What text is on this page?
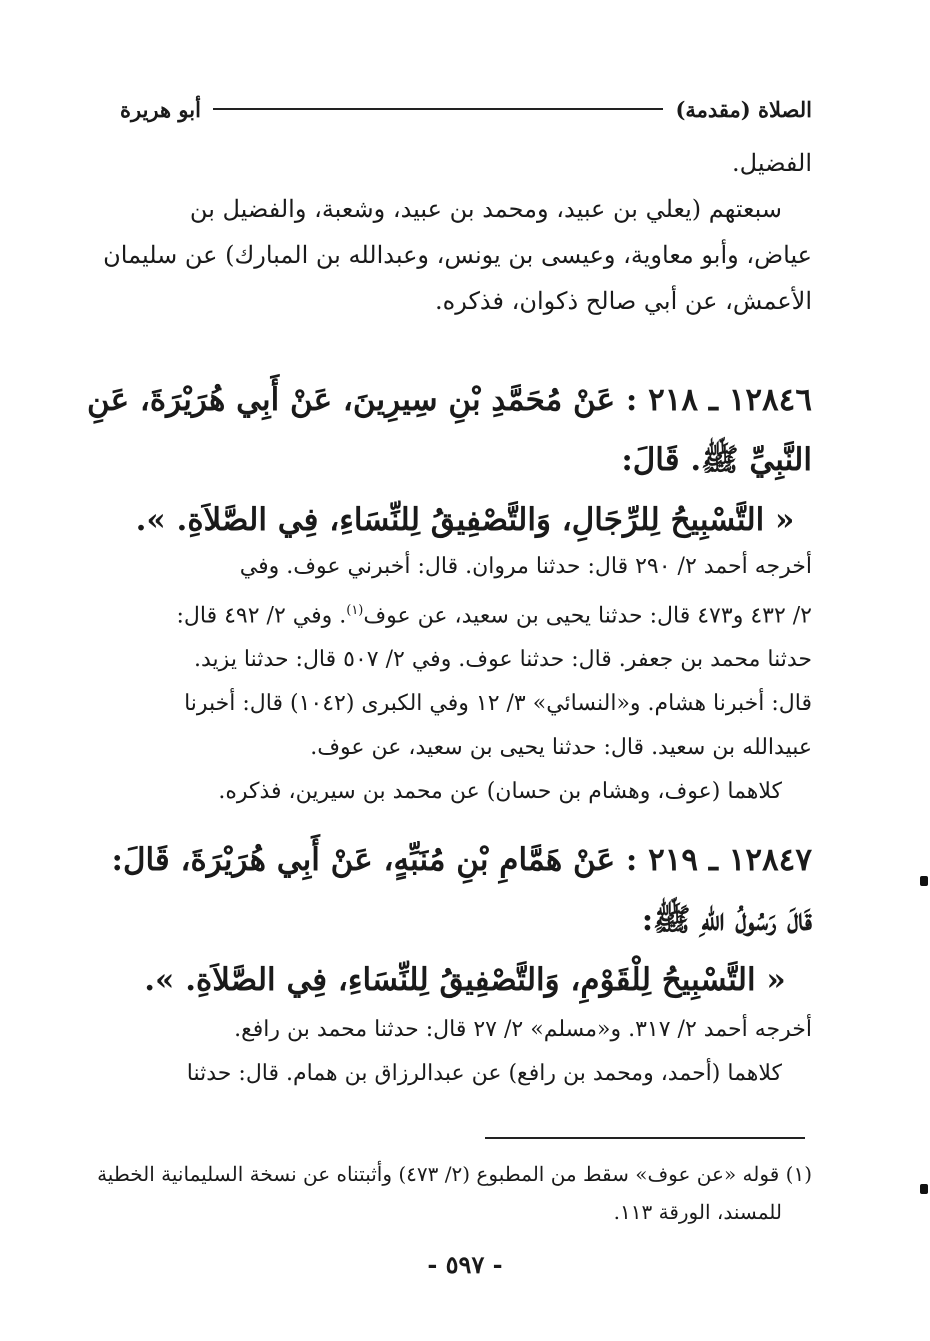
الصلاة (مقدمة)
أبو هريرة
الفضيل.
سبعتهم (يعلي بن عبيد، ومحمد بن عبيد، وشعبة، والفضيل بن
عياض، وأبو معاوية، وعيسى بن يونس، وعبدالله بن المبارك) عن سليمان
الأعمش، عن أبي صالح ذكوان، فذكره.
١٢٨٤٦ ـ ٢١٨ : عَنْ مُحَمَّدِ بْنِ سِيرِينَ، عَنْ أَبِي هُرَيْرَةَ، عَنِ
النَّبِيِّ ﷺ. قَالَ:
« التَّسْبِيحُ لِلرِّجَالِ، وَالتَّصْفِيقُ لِلنِّسَاءِ، فِي الصَّلاَةِ. ».
أخرجه أحمد ٢/ ٢٩٠ قال: حدثنا مروان. قال: أخبرني عوف. وفي
٢/ ٤٣٢ و٤٧٣ قال: حدثنا يحيى بن سعيد، عن عوف$^{(١)}$. وفي ٢/ ٤٩٢ قال:
حدثنا محمد بن جعفر. قال: حدثنا عوف. وفي ٢/ ٥٠٧ قال: حدثنا يزيد.
قال: أخبرنا هشام. و«النسائي» ٣/ ١٢ وفي الكبرى (١٠٤٢) قال: أخبرنا
عبيدالله بن سعيد. قال: حدثنا يحيى بن سعيد، عن عوف.
كلاهما (عوف، وهشام بن حسان) عن محمد بن سيرين، فذكره.
١٢٨٤٧ ـ ٢١٩ : عَنْ هَمَّامِ بْنِ مُنَبِّهٍ، عَنْ أَبِي هُرَيْرَةَ، قَالَ:
قَالَ رَسُولُ اللهِ ﷺ:
« التَّسْبِيحُ لِلْقَوْمِ، وَالتَّصْفِيقُ لِلنِّسَاءِ، فِي الصَّلاَةِ. ».
أخرجه أحمد ٢/ ٣١٧. و«مسلم» ٢/ ٢٧ قال: حدثنا محمد بن رافع.
كلاهما (أحمد، ومحمد بن رافع) عن عبدالرزاق بن همام. قال: حدثنا
(١) قوله «عن عوف» سقط من المطبوع (٢/ ٤٧٣) وأثبتناه عن نسخة السليمانية الخطية
للمسند، الورقة ١١٣.
- ٥٩٧ -
